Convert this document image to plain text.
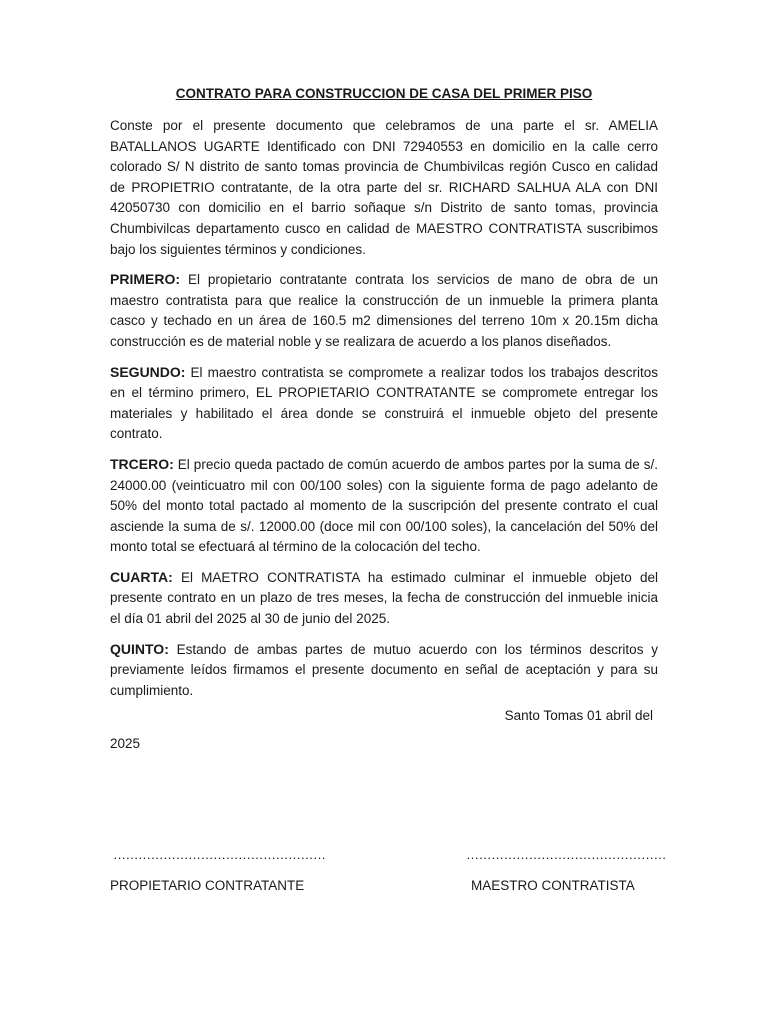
CONTRATO PARA CONSTRUCCION DE CASA DEL PRIMER PISO

Conste por el presente documento que celebramos de una parte el sr. AMELIA BATALLANOS UGARTE Identificado con DNI 72940553 en domicilio en la calle cerro colorado S/ N distrito de santo tomas provincia de Chumbivilcas región Cusco en calidad de PROPIETRIO contratante, de la otra parte del sr. RICHARD SALHUA ALA con DNI 42050730 con domicilio en el barrio soñaque s/n Distrito de santo tomas, provincia Chumbivilcas departamento cusco en calidad de MAESTRO CONTRATISTA suscribimos bajo los siguientes términos y condiciones.

PRIMERO: El propietario contratante contrata los servicios de mano de obra de un maestro contratista para que realice la construcción de un inmueble la primera planta casco y techado en un área de 160.5 m2 dimensiones del terreno 10m x 20.15m dicha construcción es de material noble y se realizara de acuerdo a los planos diseñados.

SEGUNDO: El maestro contratista se compromete a realizar todos los trabajos descritos en el término primero, EL PROPIETARIO CONTRATANTE se compromete entregar los materiales y habilitado el área donde se construirá el inmueble objeto del presente contrato.

TRCERO: El precio queda pactado de común acuerdo de ambos partes por la suma de s/. 24000.00 (veinticuatro mil con 00/100 soles) con la siguiente forma de pago adelanto de 50% del monto total pactado al momento de la suscripción del presente contrato el cual asciende la suma de s/. 12000.00 (doce mil con 00/100 soles), la cancelación del 50% del monto total se efectuará al término de la colocación del techo.

CUARTA: El MAETRO CONTRATISTA ha estimado culminar el inmueble objeto del presente contrato en un plazo de tres meses, la fecha de construcción del inmueble inicia el día 01 abril del 2025 al 30 de junio del 2025.

QUINTO: Estando de ambas partes de mutuo acuerdo con los términos descritos y previamente leídos firmamos el presente documento en señal de aceptación y para su cumplimiento.

Santo Tomas 01 abril del
2025
……………………………………………	…………………………………………
PROPIETARIO CONTRATANTE	MAESTRO CONTRATISTA
